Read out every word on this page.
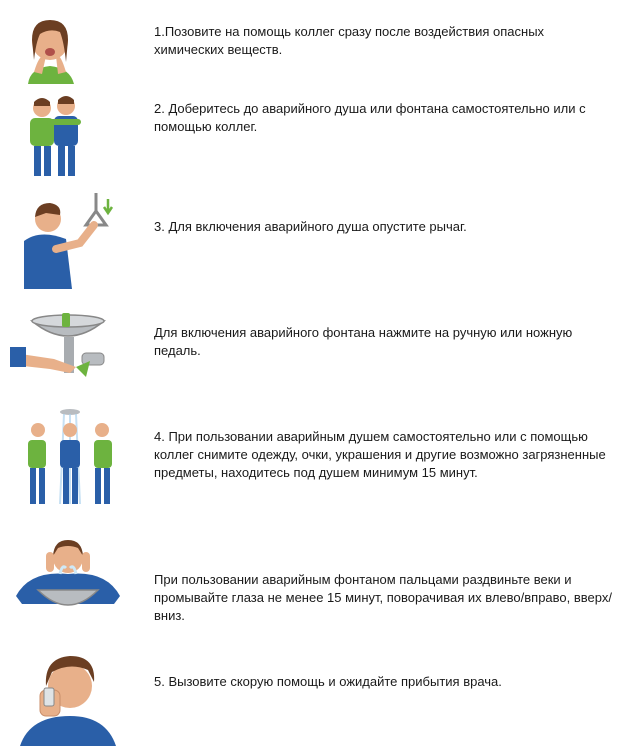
1.Позовите на помощь коллег сразу после воздействия опасных химических веществ.
2. Доберитесь до аварийного душа или фонтана самостоятельно или с помощью коллег.
3. Для включения аварийного душа опустите рычаг.
Для включения аварийного фонтана нажмите на ручную или ножную педаль.
4. При пользовании аварийным душем самостоятельно или с помощью коллег снимите одежду, очки, украшения и другие возможно загрязненные предметы, находитесь под душем минимум 15 минут.
При пользовании аварийным фонтаном пальцами раздвиньте веки и промывайте глаза не менее 15 минут, поворачивая их влево/вправо, вверх/вниз.
5. Вызовите скорую помощь и ожидайте прибытия врача.
